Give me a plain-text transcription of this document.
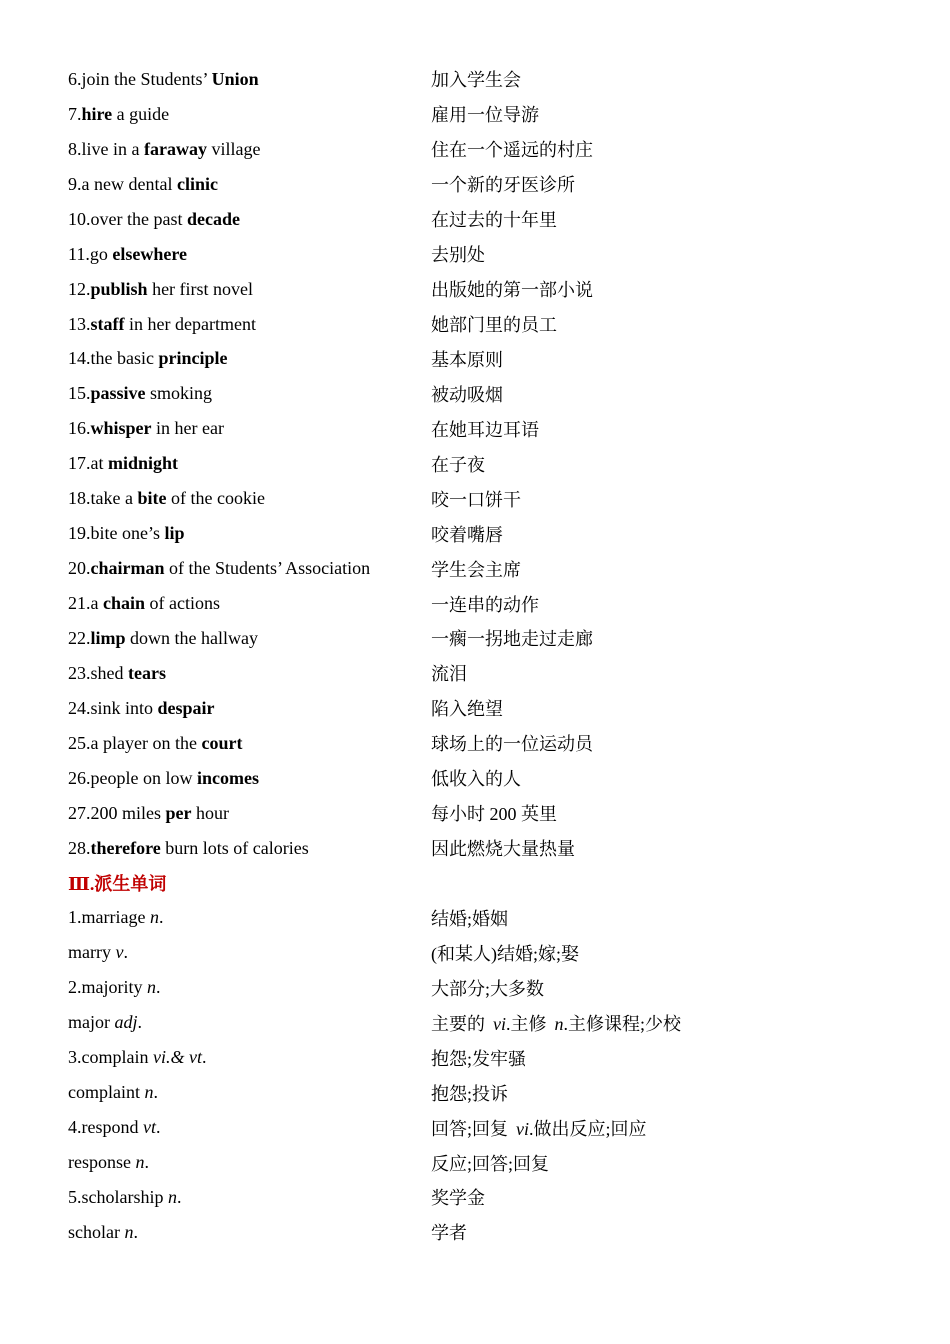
6.join the Students’ Union	加入学生会
7.hire a guide	雇用一位导游
8.live in a faraway village	住在一个遥远的村庄
9.a new dental clinic	一个新的牙医诊所
10.over the past decade	在过去的十年里
11.go elsewhere	去别处
12.publish her first novel	出版她的第一部小说
13.staff in her department	她部门里的员工
14.the basic principle	基本原则
15.passive smoking	被动吸烟
16.whisper in her ear	在她耳边耳语
17.at midnight	在子夜
18.take a bite of the cookie	咬一口饼干
19.bite one’s lip	咬着嘴唇
20.chairman of the Students’ Association	学生会主席
21.a chain of actions	一连串的动作
22.limp down the hallway	一瘸一拐地走过走廊
23.shed tears	流泪
24.sink into despair	陷入绝望
25.a player on the court	球场上的一位运动员
26.people on low incomes	低收入的人
27.200 miles per hour	每小时 200 英里
28.therefore burn lots of calories	因此燃烧大量热量
Ⅲ.派生单词
1.marriage n.	结婚;婚姻
marry v.	(和某人)结婚;嫁;娶
2.majority n.	大部分;大多数
major adj.	主要的 vi.主修 n.主修课程;少校
3.complain vi.& vt.	抱怨;发牢骚
complaint n.	抱怨;投诉
4.respond vt.	回答;回复 vi.做出反应;回应
response n.	反应;回答;回复
5.scholarship n.	奖学金
scholar n.	学者
